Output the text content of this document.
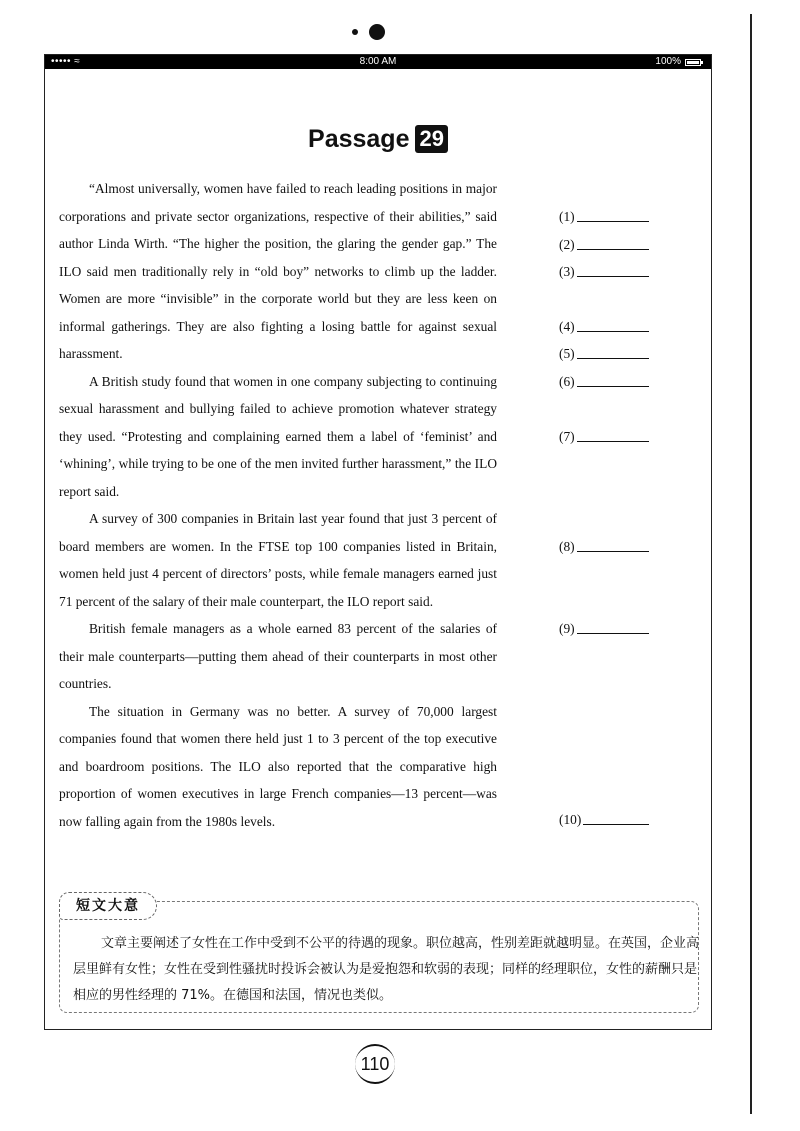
••••• ≈	8:00 AM	100%
Passage 29

“Almost universally, women have failed to reach leading positions in major corporations and private sector organizations, respective of their abilities,” said author Linda Wirth. “The higher the position, the glaring the gender gap.” The ILO said men traditionally rely in “old boy” networks to climb up the ladder. Women are more “invisible” in the corporate world but they are less keen on informal gatherings. They are also fighting a losing battle for against sexual harassment.

A British study found that women in one company subjecting to continuing sexual harassment and bullying failed to achieve promotion whatever strategy they used. “Protesting and complaining earned them a label of ‘feminist’ and ‘whining’, while trying to be one of the men invited further harassment,” the ILO report said.

A survey of 300 companies in Britain last year found that just 3 percent of board members are women. In the FTSE top 100 companies listed in Britain, women held just 4 percent of directors’ posts, while female managers earned just 71 percent of the salary of their male counterpart, the ILO report said.

British female managers as a whole earned 83 percent of the salaries of their male counterparts—putting them ahead of their counterparts in most other countries.

The situation in Germany was no better. A survey of 70,000 largest companies found that women there held just 1 to 3 percent of the top executive and boardroom positions. The ILO also reported that the comparative high proportion of women executives in large French companies—13 percent—was now falling again from the 1980s levels.

(1)
(2)
(3)
(4)
(5)
(6)
(7)
(8)
(9)
(10)
短文大意

文章主要阐述了女性在工作中受到不公平的待遇的现象。职位越高，性别差距就越明显。在英国，企业高层里鲜有女性；女性在受到性骚扰时投诉会被认为是爱抱怨和软弱的表现；同样的经理职位，女性的薪酬只是相应的男性经理的 71%。在德国和法国，情况也类似。

110
